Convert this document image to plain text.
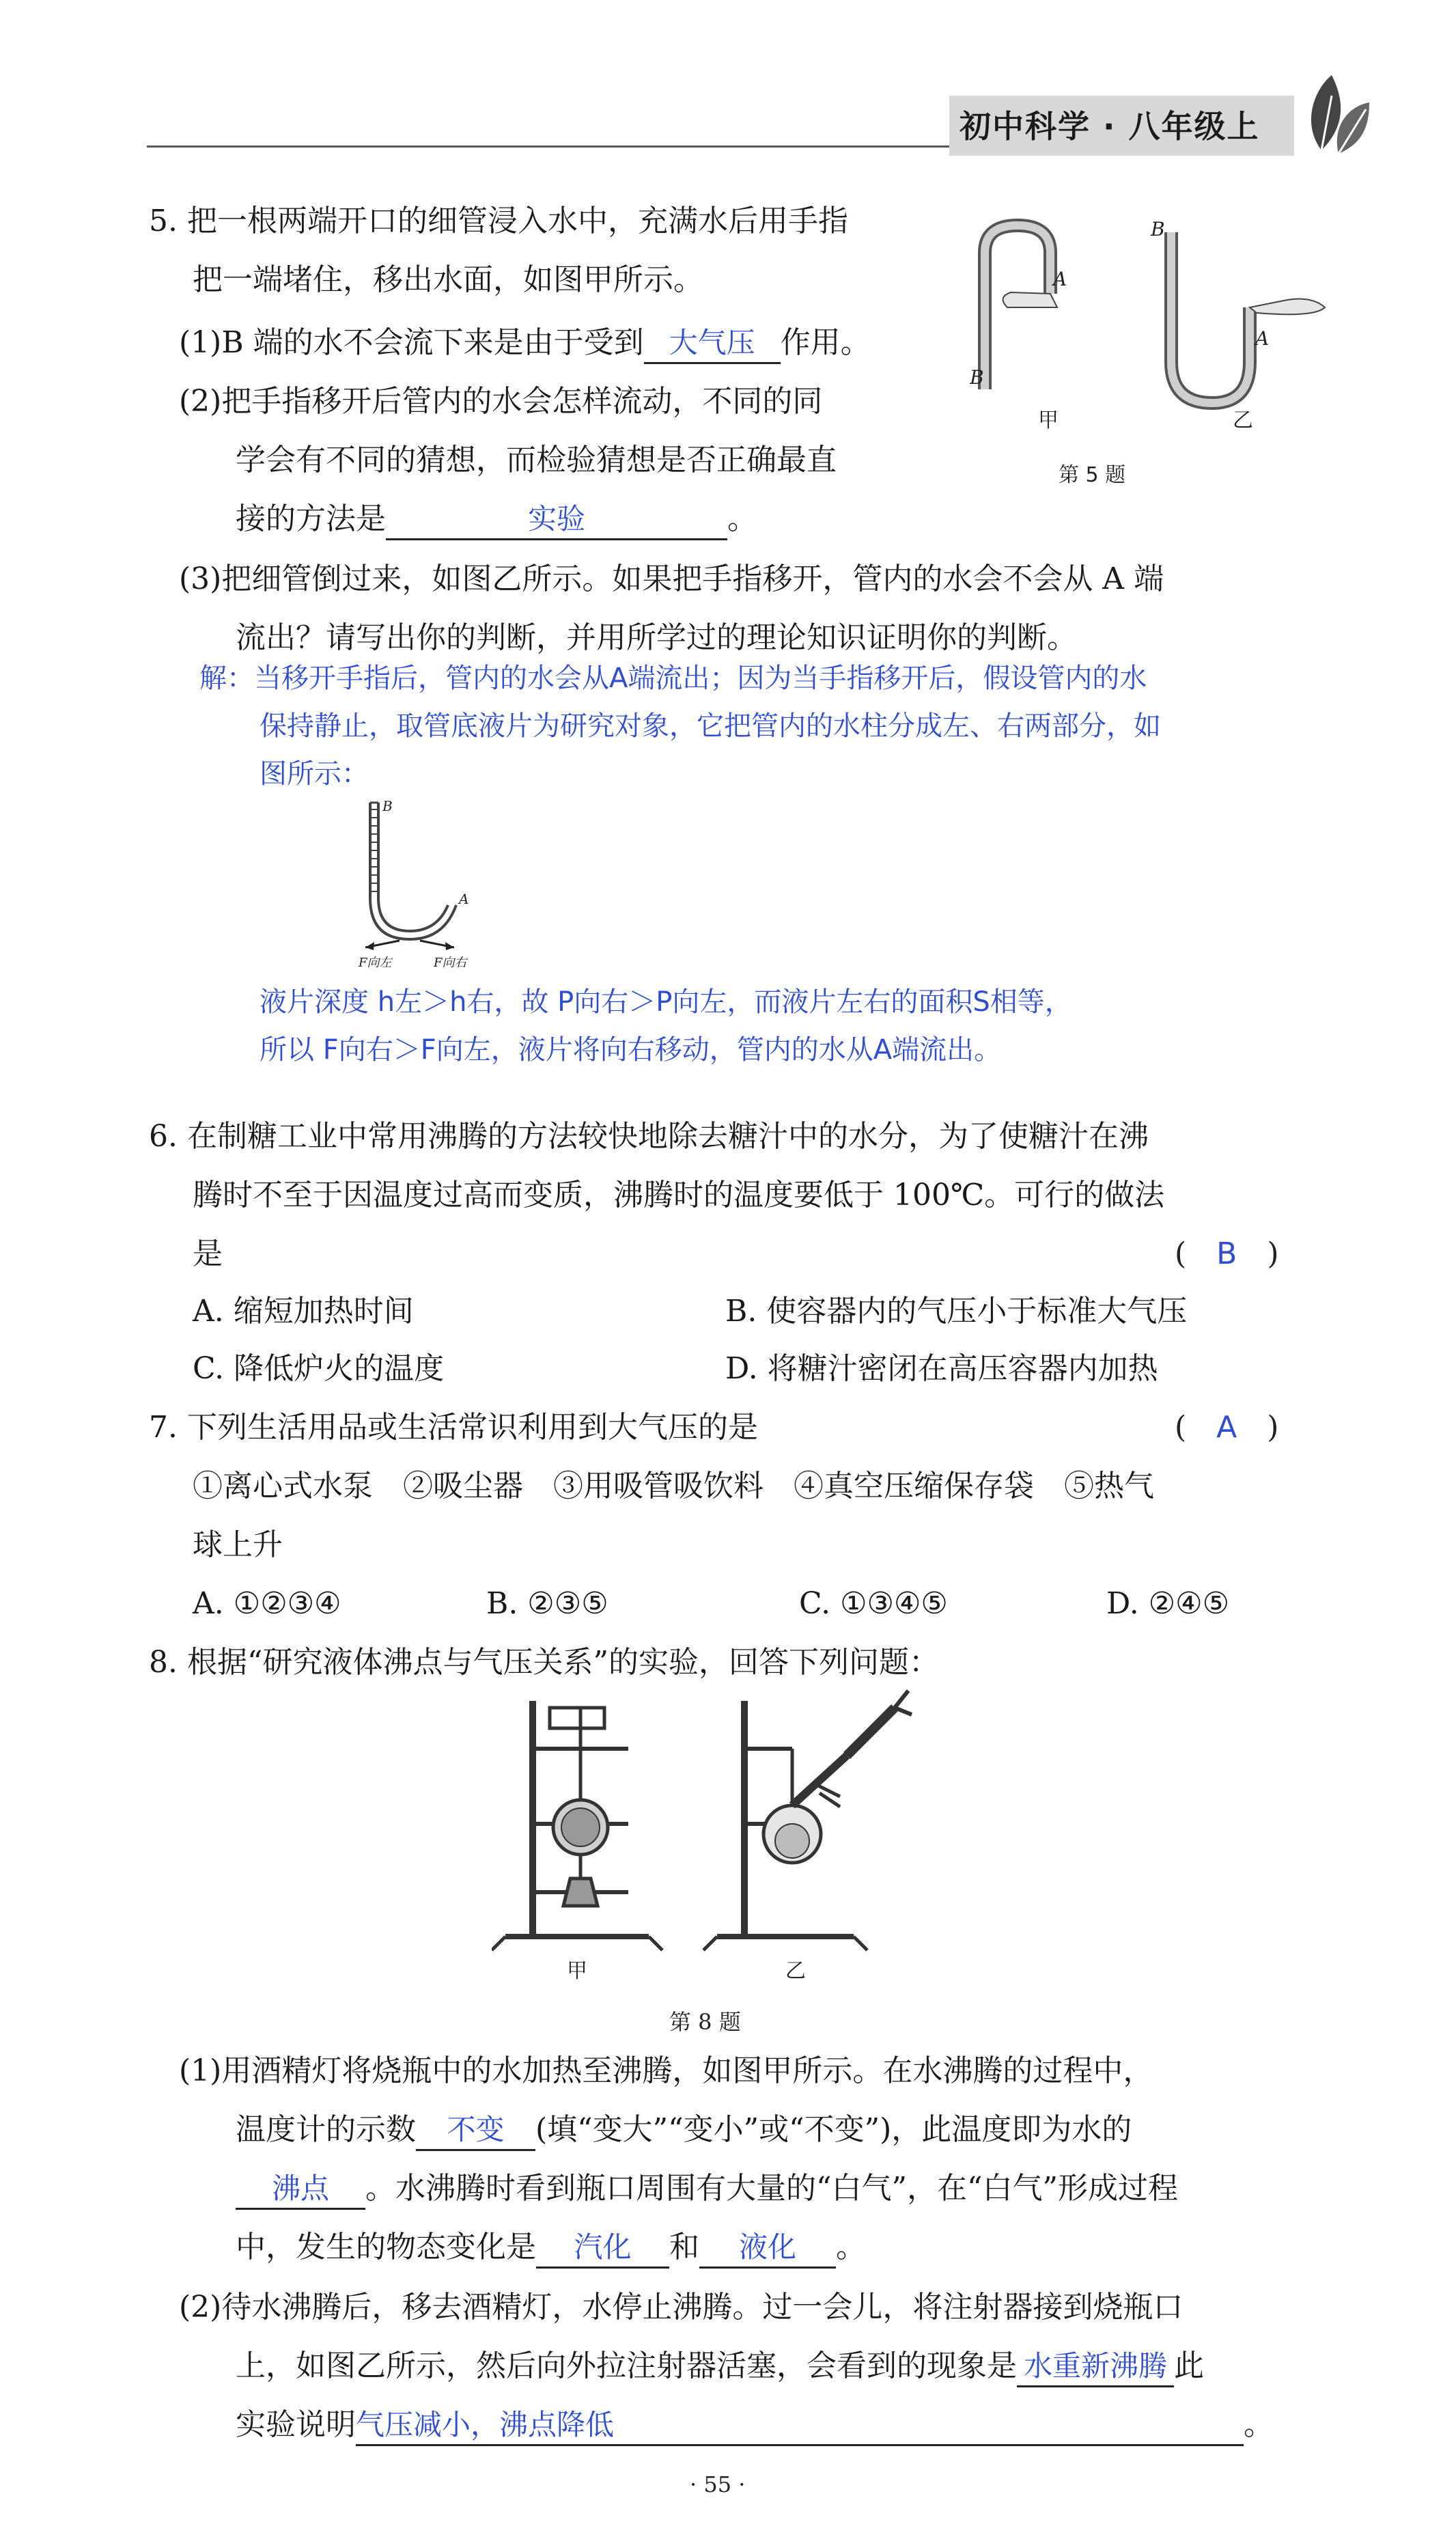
初中科学 · 八年级上
5. 把一根两端开口的细管浸入水中，充满水后用手指
把一端堵住，移出水面，如图甲所示。
(1)B 端的水不会流下来是由于受到 大气压 作用。
(2)把手指移开后管内的水会怎样流动，不同的同
学会有不同的猜想，而检验猜想是否正确最直
接的方法是	实验	。
(3)把细管倒过来，如图乙所示。如果把手指移开，管内的水会不会从 A 端
流出？请写出你的判断，并用所学过的理论知识证明你的判断。
A
B
B
A
甲	乙
第 5 题
解：当移开手指后，管内的水会从A端流出；因为当手指移开后，假设管内的水
保持静止，取管底液片为研究对象，它把管内的水柱分成左、右两部分，如
图所示：
B
A
F向左	F向右
液片深度 h左＞h右，故 P向右＞P向左，而液片左右的面积S相等，
所以 F向右＞F向左，液片将向右移动，管内的水从A端流出。
6. 在制糖工业中常用沸腾的方法较快地除去糖汁中的水分，为了使糖汁在沸
腾时不至于因温度过高而变质，沸腾时的温度要低于 100℃。可行的做法
是	(　B　)
A. 缩短加热时间	B. 使容器内的气压小于标准大气压
C. 降低炉火的温度	D. 将糖汁密闭在高压容器内加热
7. 下列生活用品或生活常识利用到大气压的是	(　A　)
①离心式水泵　②吸尘器　③用吸管吸饮料　④真空压缩保存袋　⑤热气
球上升
A. ①②③④	B. ②③⑤	C. ①③④⑤	D. ②④⑤
8. 根据“研究液体沸点与气压关系”的实验，回答下列问题：
甲	乙
第 8 题
(1)用酒精灯将烧瓶中的水加热至沸腾，如图甲所示。在水沸腾的过程中，
温度计的示数 不变 (填“变大”“变小”或“不变”)，此温度即为水的
沸点 。水沸腾时看到瓶口周围有大量的“白气”，在“白气”形成过程
中，发生的物态变化是 汽化 和 液化 。
(2)待水沸腾后，移去酒精灯，水停止沸腾。过一会儿，将注射器接到烧瓶口
上，如图乙所示，然后向外拉注射器活塞，会看到的现象是 水重新沸腾 此
实验说明气压减小，沸点降低	。
· 55 ·
